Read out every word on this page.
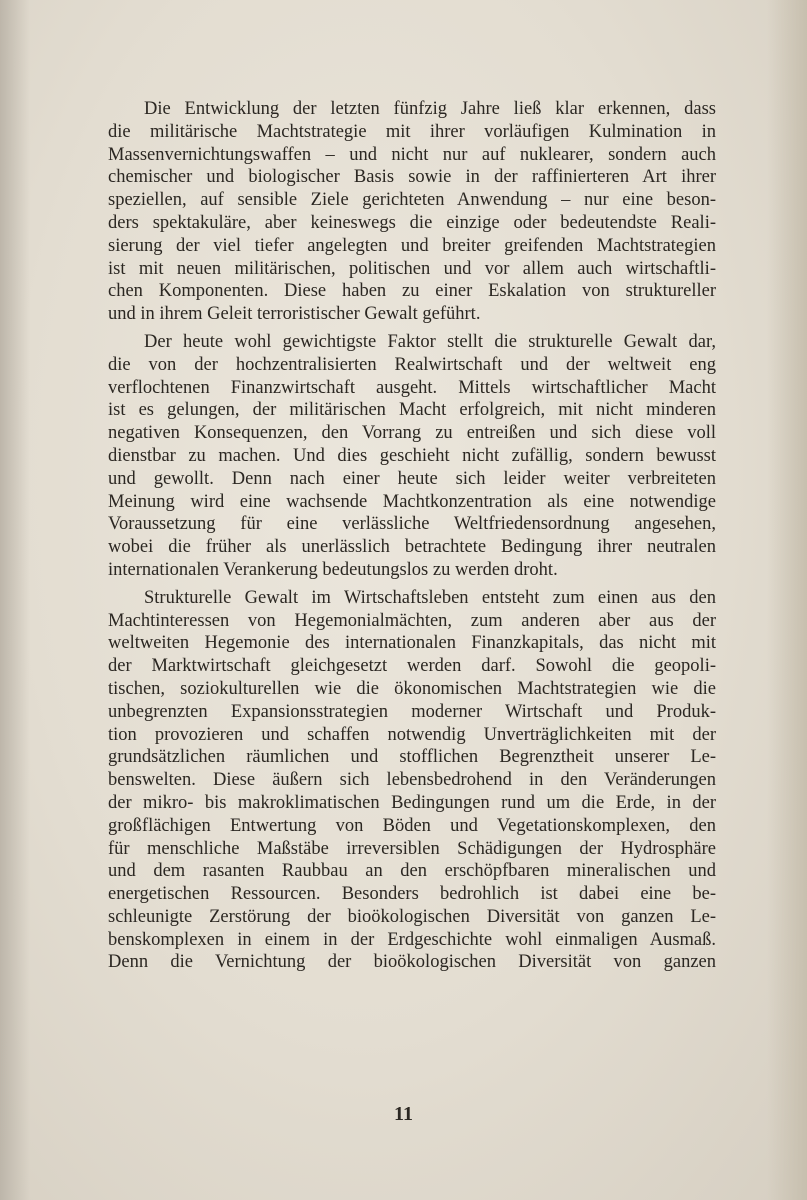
Die Entwicklung der letzten fünfzig Jahre ließ klar erkennen, dass
die militärische Machtstrategie mit ihrer vorläufigen Kulmination in
Massenvernichtungswaffen – und nicht nur auf nuklearer, sondern auch
chemischer und biologischer Basis sowie in der raffinierteren Art ihrer
speziellen, auf sensible Ziele gerichteten Anwendung – nur eine beson-
ders spektakuläre, aber keineswegs die einzige oder bedeutendste Reali-
sierung der viel tiefer angelegten und breiter greifenden Machtstrategien
ist mit neuen militärischen, politischen und vor allem auch wirtschaftli-
chen Komponenten. Diese haben zu einer Eskalation von struktureller
und in ihrem Geleit terroristischer Gewalt geführt.
Der heute wohl gewichtigste Faktor stellt die strukturelle Gewalt dar,
die von der hochzentralisierten Realwirtschaft und der weltweit eng
verflochtenen Finanzwirtschaft ausgeht. Mittels wirtschaftlicher Macht
ist es gelungen, der militärischen Macht erfolgreich, mit nicht minderen
negativen Konsequenzen, den Vorrang zu entreißen und sich diese voll
dienstbar zu machen. Und dies geschieht nicht zufällig, sondern bewusst
und gewollt. Denn nach einer heute sich leider weiter verbreiteten
Meinung wird eine wachsende Machtkonzentration als eine notwendige
Voraussetzung für eine verlässliche Weltfriedensordnung angesehen,
wobei die früher als unerlässlich betrachtete Bedingung ihrer neutralen
internationalen Verankerung bedeutungslos zu werden droht.
Strukturelle Gewalt im Wirtschaftsleben entsteht zum einen aus den
Machtinteressen von Hegemonialmächten, zum anderen aber aus der
weltweiten Hegemonie des internationalen Finanzkapitals, das nicht mit
der Marktwirtschaft gleichgesetzt werden darf. Sowohl die geopoli-
tischen, soziokulturellen wie die ökonomischen Machtstrategien wie die
unbegrenzten Expansionsstrategien moderner Wirtschaft und Produk-
tion provozieren und schaffen notwendig Unverträglichkeiten mit der
grundsätzlichen räumlichen und stofflichen Begrenztheit unserer Le-
benswelten. Diese äußern sich lebensbedrohend in den Veränderungen
der mikro- bis makroklimatischen Bedingungen rund um die Erde, in der
großflächigen Entwertung von Böden und Vegetationskomplexen, den
für menschliche Maßstäbe irreversiblen Schädigungen der Hydrosphäre
und dem rasanten Raubbau an den erschöpfbaren mineralischen und
energetischen Ressourcen. Besonders bedrohlich ist dabei eine be-
schleunigte Zerstörung der bioökologischen Diversität von ganzen Le-
benskomplexen in einem in der Erdgeschichte wohl einmaligen Ausmaß.
Denn die Vernichtung der bioökologischen Diversität von ganzen
11
